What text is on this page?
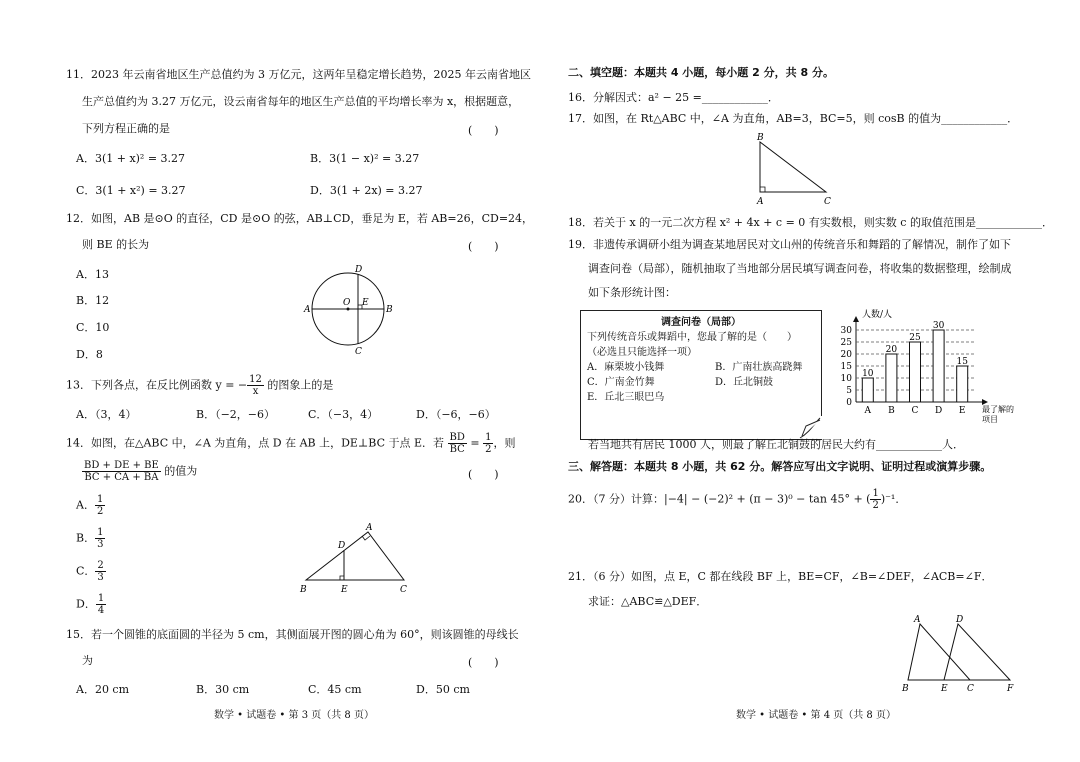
11．2023 年云南省地区生产总值约为 3 万亿元，这两年呈稳定增长趋势，2025 年云南省地区
生产总值约为 3.27 万亿元，设云南省每年的地区生产总值的平均增长率为 x，根据题意，
下列方程正确的是	(　　)
A．3(1 + x)² = 3.27	B．3(1 − x)² = 3.27
C．3(1 + x²) = 3.27	D．3(1 + 2x) = 3.27
12．如图，AB 是⊙O 的直径，CD 是⊙O 的弦，AB⊥CD，垂足为 E，若 AB=26，CD=24，
则 BE 的长为	(　　)
A．13
B．12
C．10
D．8
A	B
C
D
O E
13．下列各点，在反比例函数 y = − $\frac{12}{x}$ 的图象上的是
A．（3，4）	B．（−2，−6）	C．（−3，4）	D．（−6，−6）
14．如图，在△ABC 中，∠A 为直角，点 D 在 AB 上，DE⊥BC 于点 E．若 $\frac{BD}{BC} = \frac{1}{2}$ ，则
$\frac{BD + DE + BE}{BC + CA + BA}$ 的值为	(　　)
A． $\frac{1}{2}$
B． $\frac{1}{3}$
C． $\frac{2}{3}$
D． $\frac{1}{4}$
B
A
C
D
E
15．若一个圆锥的底面圆的半径为 5 cm，其侧面展开图的圆心角为 60°，则该圆锥的母线长
为	(　　)
A．20 cm	B．30 cm	C．45 cm	D．50 cm
数学 • 试题卷 • 第 3 页（共 8 页）
二、填空题：本题共 4 小题，每小题 2 分，共 8 分。
16．分解因式：a² − 25 =____________．
17．如图，在 Rt△ABC 中，∠A 为直角，AB=3，BC=5，则 cosB 的值为____________．
B
A	C
18．若关于 x 的一元二次方程 x² + 4x + c = 0 有实数根，则实数 c 的取值范围是____________．
19．非遗传承调研小组为调查某地居民对文山州的传统音乐和舞蹈的了解情况，制作了如下
调查问卷（局部），随机抽取了当地部分居民填写调查问卷，将收集的数据整理，绘制成
如下条形统计图：
调查问卷（局部）
下列传统音乐或舞蹈中，您最了解的是（　　）
（必选且只能选择一项）
A．麻栗坡小钱舞	B．广南壮族高跷舞
C．广南金竹舞	D．丘北铜鼓
E．丘北三眼巴乌
人数/人
最了解的
项目
0
5
10
15
20
25
30
10
A
20
B
25
C
30
D
15
E
若当地共有居民 1000 人，则最了解丘北铜鼓的居民大约有____________人．
三、解答题：本题共 8 小题，共 62 分。解答应写出文字说明、证明过程或演算步骤。
20．（7 分）计算：|−4| − (−2)² + (π − 3)⁰ − tan 45° + ( $\frac{1}{2} )^{-1}$．
21．（6 分）如图，点 E，C 都在线段 BF 上，BE=CF，∠B=∠DEF，∠ACB=∠F．
求证：△ABC≌△DEF．
A	D
B	E C	F
数学 • 试题卷 • 第 4 页（共 8 页）
